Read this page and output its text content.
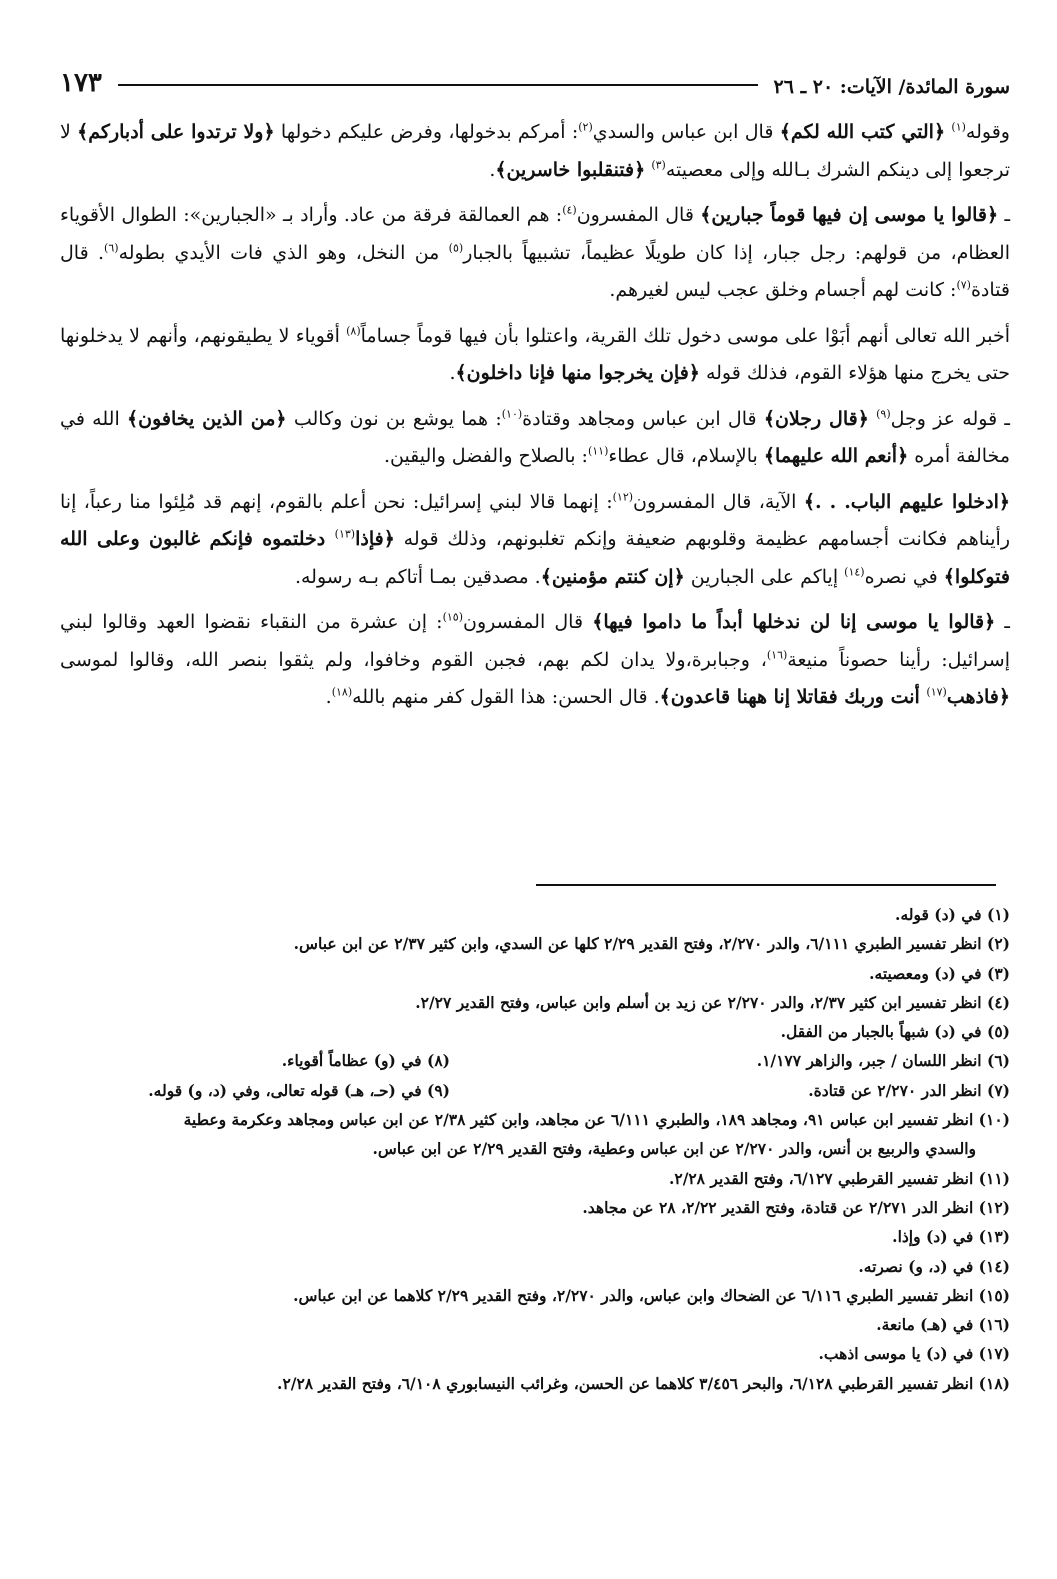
سورة المائدة/ الآيات: ٢٠ ـ ٢٦
١٧٣

وقوله$^{(١)}$ ﴿التي كتب الله لكم﴾ قال ابن عباس والسدي$^{(٢)}$: أمركم بدخولها، وفرض عليكم دخولها ﴿ولا ترتدوا على أدباركم﴾ لا ترجعوا إلى دينكم الشرك بـالله وإلى معصيته$^{(٣)}$ ﴿فتنقلبوا خاسرين﴾.

ـ ﴿قالوا يا موسى إن فيها قوماً جبارين﴾ قال المفسرون$^{(٤)}$: هم العمالقة فرقة من عاد. وأراد بـ «الجبارين»: الطوال الأقوياء العظام، من قولهم: رجل جبار، إذا كان طويلًا عظيماً، تشبيهاً بالجبار$^{(٥)}$ من النخل، وهو الذي فات الأيدي بطوله$^{(٦)}$. قال قتادة$^{(٧)}$: كانت لهم أجسام وخلق عجب ليس لغيرهم.

أخبر الله تعالى أنهم أبَوْا على موسى دخول تلك القرية، واعتلوا بأن فيها قوماً جساماً$^{(٨)}$ أقوياء لا يطيقونهم، وأنهم لا يدخلونها حتى يخرج منها هؤلاء القوم، فذلك قوله ﴿فإن يخرجوا منها فإنا داخلون﴾.

ـ قوله عز وجل$^{(٩)}$ ﴿قال رجلان﴾ قال ابن عباس ومجاهد وقتادة$^{(١٠)}$: هما يوشع بن نون وكالب ﴿من الذين يخافون﴾ الله في مخالفة أمره ﴿أنعم الله عليهما﴾ بالإسلام، قال عطاء$^{(١١)}$: بالصلاح والفضل واليقين.

﴿ادخلوا عليهم الباب. . .﴾ الآية، قال المفسرون$^{(١٢)}$: إنهما قالا لبني إسرائيل: نحن أعلم بالقوم، إنهم قد مُلِئوا منا رعباً، إنا رأيناهم فكانت أجسامهم عظيمة وقلوبهم ضعيفة وإنكم تغلبونهم، وذلك قوله ﴿فإذا$^{(١٣)}$ دخلتموه فإنكم غالبون وعلى الله فتوكلوا﴾ في نصره$^{(١٤)}$ إياكم على الجبارين ﴿إن كنتم مؤمنين﴾. مصدقين بمـا أتاكم بـه رسوله.

ـ ﴿قالوا يا موسى إنا لن ندخلها أبداً ما داموا فيها﴾ قال المفسرون$^{(١٥)}$: إن عشرة من النقباء نقضوا العهد وقالوا لبني إسرائيل: رأينا حصوناً منيعة$^{(١٦)}$، وجبابرة،ولا يدان لكم بهم، فجبن القوم وخافوا، ولم يثقوا بنصر الله، وقالوا لموسى ﴿فاذهب$^{(١٧)}$ أنت وربك فقاتلا إنا ههنا قاعدون﴾. قال الحسن: هذا القول كفر منهم بالله$^{(١٨)}$.

(١) في (د) قوله.

(٢) انظر تفسير الطبري ٦/١١١، والدر ٢/٢٧٠، وفتح القدير ٢/٢٩ كلها عن السدي، وابن كثير ٢/٣٧ عن ابن عباس.

(٣) في (د) ومعصيته.

(٤) انظر تفسير ابن كثير ٢/٣٧، والدر ٢/٢٧٠ عن زيد بن أسلم وابن عباس، وفتح القدير ٢/٢٧.

(٥) في (د) شبهاً بالجبار من الفقل.

(٦) انظر اللسان / جبر، والزاهر ١/١٧٧.

(٨) في (و) عظاماً أقوياء.

(٧) انظر الدر ٢/٢٧٠ عن قتادة.

(٩) في (حـ، هـ) قوله تعالى، وفي (د، و) قوله.

(١٠) انظر تفسير ابن عباس ٩١، ومجاهد ١٨٩، والطبري ٦/١١١ عن مجاهد، وابن كثير ٢/٣٨ عن ابن عباس ومجاهد وعكرمة وعطية

والسدي والربيع بن أنس، والدر ٢/٢٧٠ عن ابن عباس وعطية، وفتح القدير ٢/٢٩ عن ابن عباس.

(١١) انظر تفسير القرطبي ٦/١٢٧، وفتح القدير ٢/٢٨.

(١٢) انظر الدر ٢/٢٧١ عن قتادة، وفتح القدير ٢/٢٢، ٢٨ عن مجاهد.

(١٣) في (د) وإذا.

(١٤) في (د، و) نصرته.

(١٥) انظر تفسير الطبري ٦/١١٦ عن الضحاك وابن عباس، والدر ٢/٢٧٠، وفتح القدير ٢/٢٩ كلاهما عن ابن عباس.

(١٦) في (هـ) مانعة.

(١٧) في (د) يا موسى اذهب.

(١٨) انظر تفسير القرطبي ٦/١٢٨، والبحر ٣/٤٥٦ كلاهما عن الحسن، وغرائب النيسابوري ٦/١٠٨، وفتح القدير ٢/٢٨.
